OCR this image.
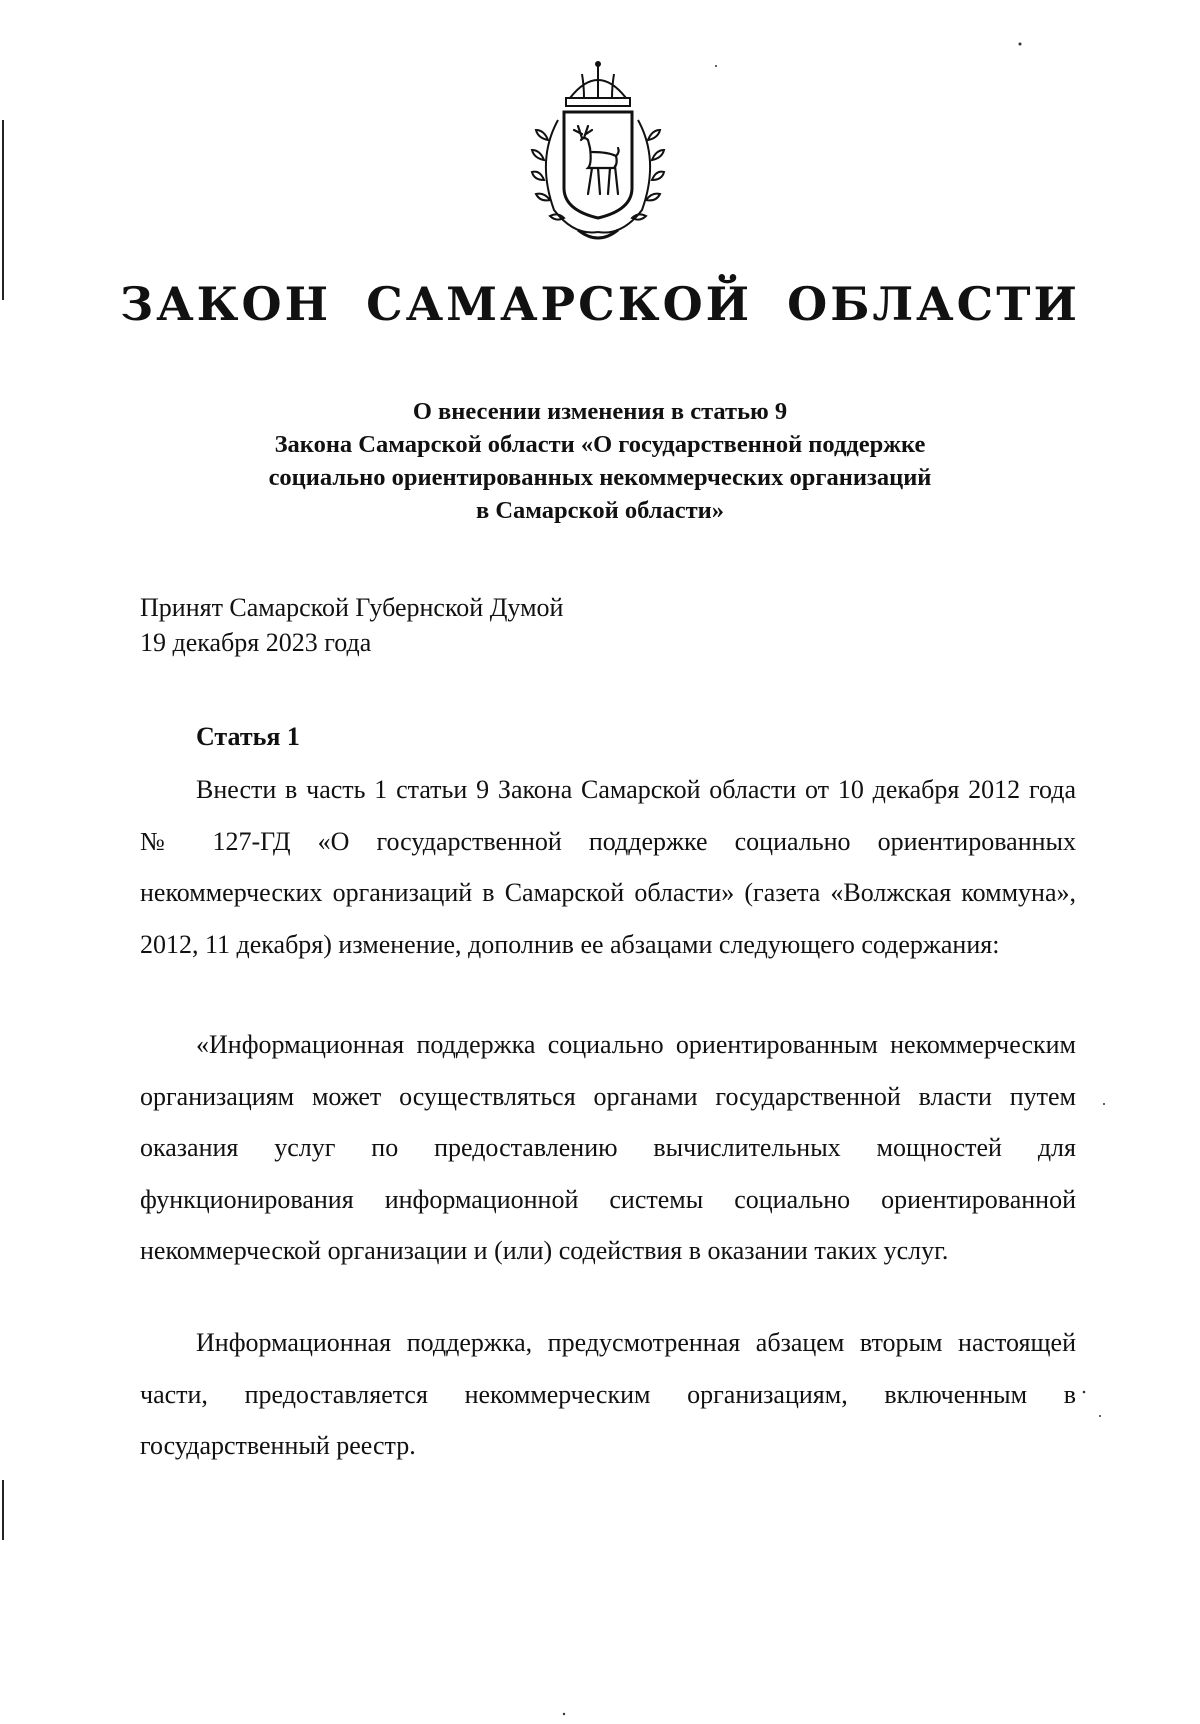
ЗАКОН САМАРСКОЙ ОБЛАСТИ
О внесении изменения в статью 9
Закона Самарской области «О государственной поддержке
социально ориентированных некоммерческих организаций
в Самарской области»
Принят Самарской Губернской Думой
19 декабря 2023 года
Статья 1

Внести в часть 1 статьи 9 Закона Самарской области от 10 декабря 2012 года № 127-ГД «О государственной поддержке социально ориентированных некоммерческих организаций в Самарской области» (газета «Волжская коммуна», 2012, 11 декабря) изменение, дополнив ее абзацами следующего содержания:

«Информационная поддержка социально ориентированным некоммерческим организациям может осуществляться органами государственной власти путем оказания услуг по предоставлению вычислительных мощностей для функционирования информационной системы социально ориентированной некоммерческой организации и (или) содействия в оказании таких услуг.

Информационная поддержка, предусмотренная абзацем вторым настоящей части, предоставляется некоммерческим организациям, включенным в государственный реестр.
